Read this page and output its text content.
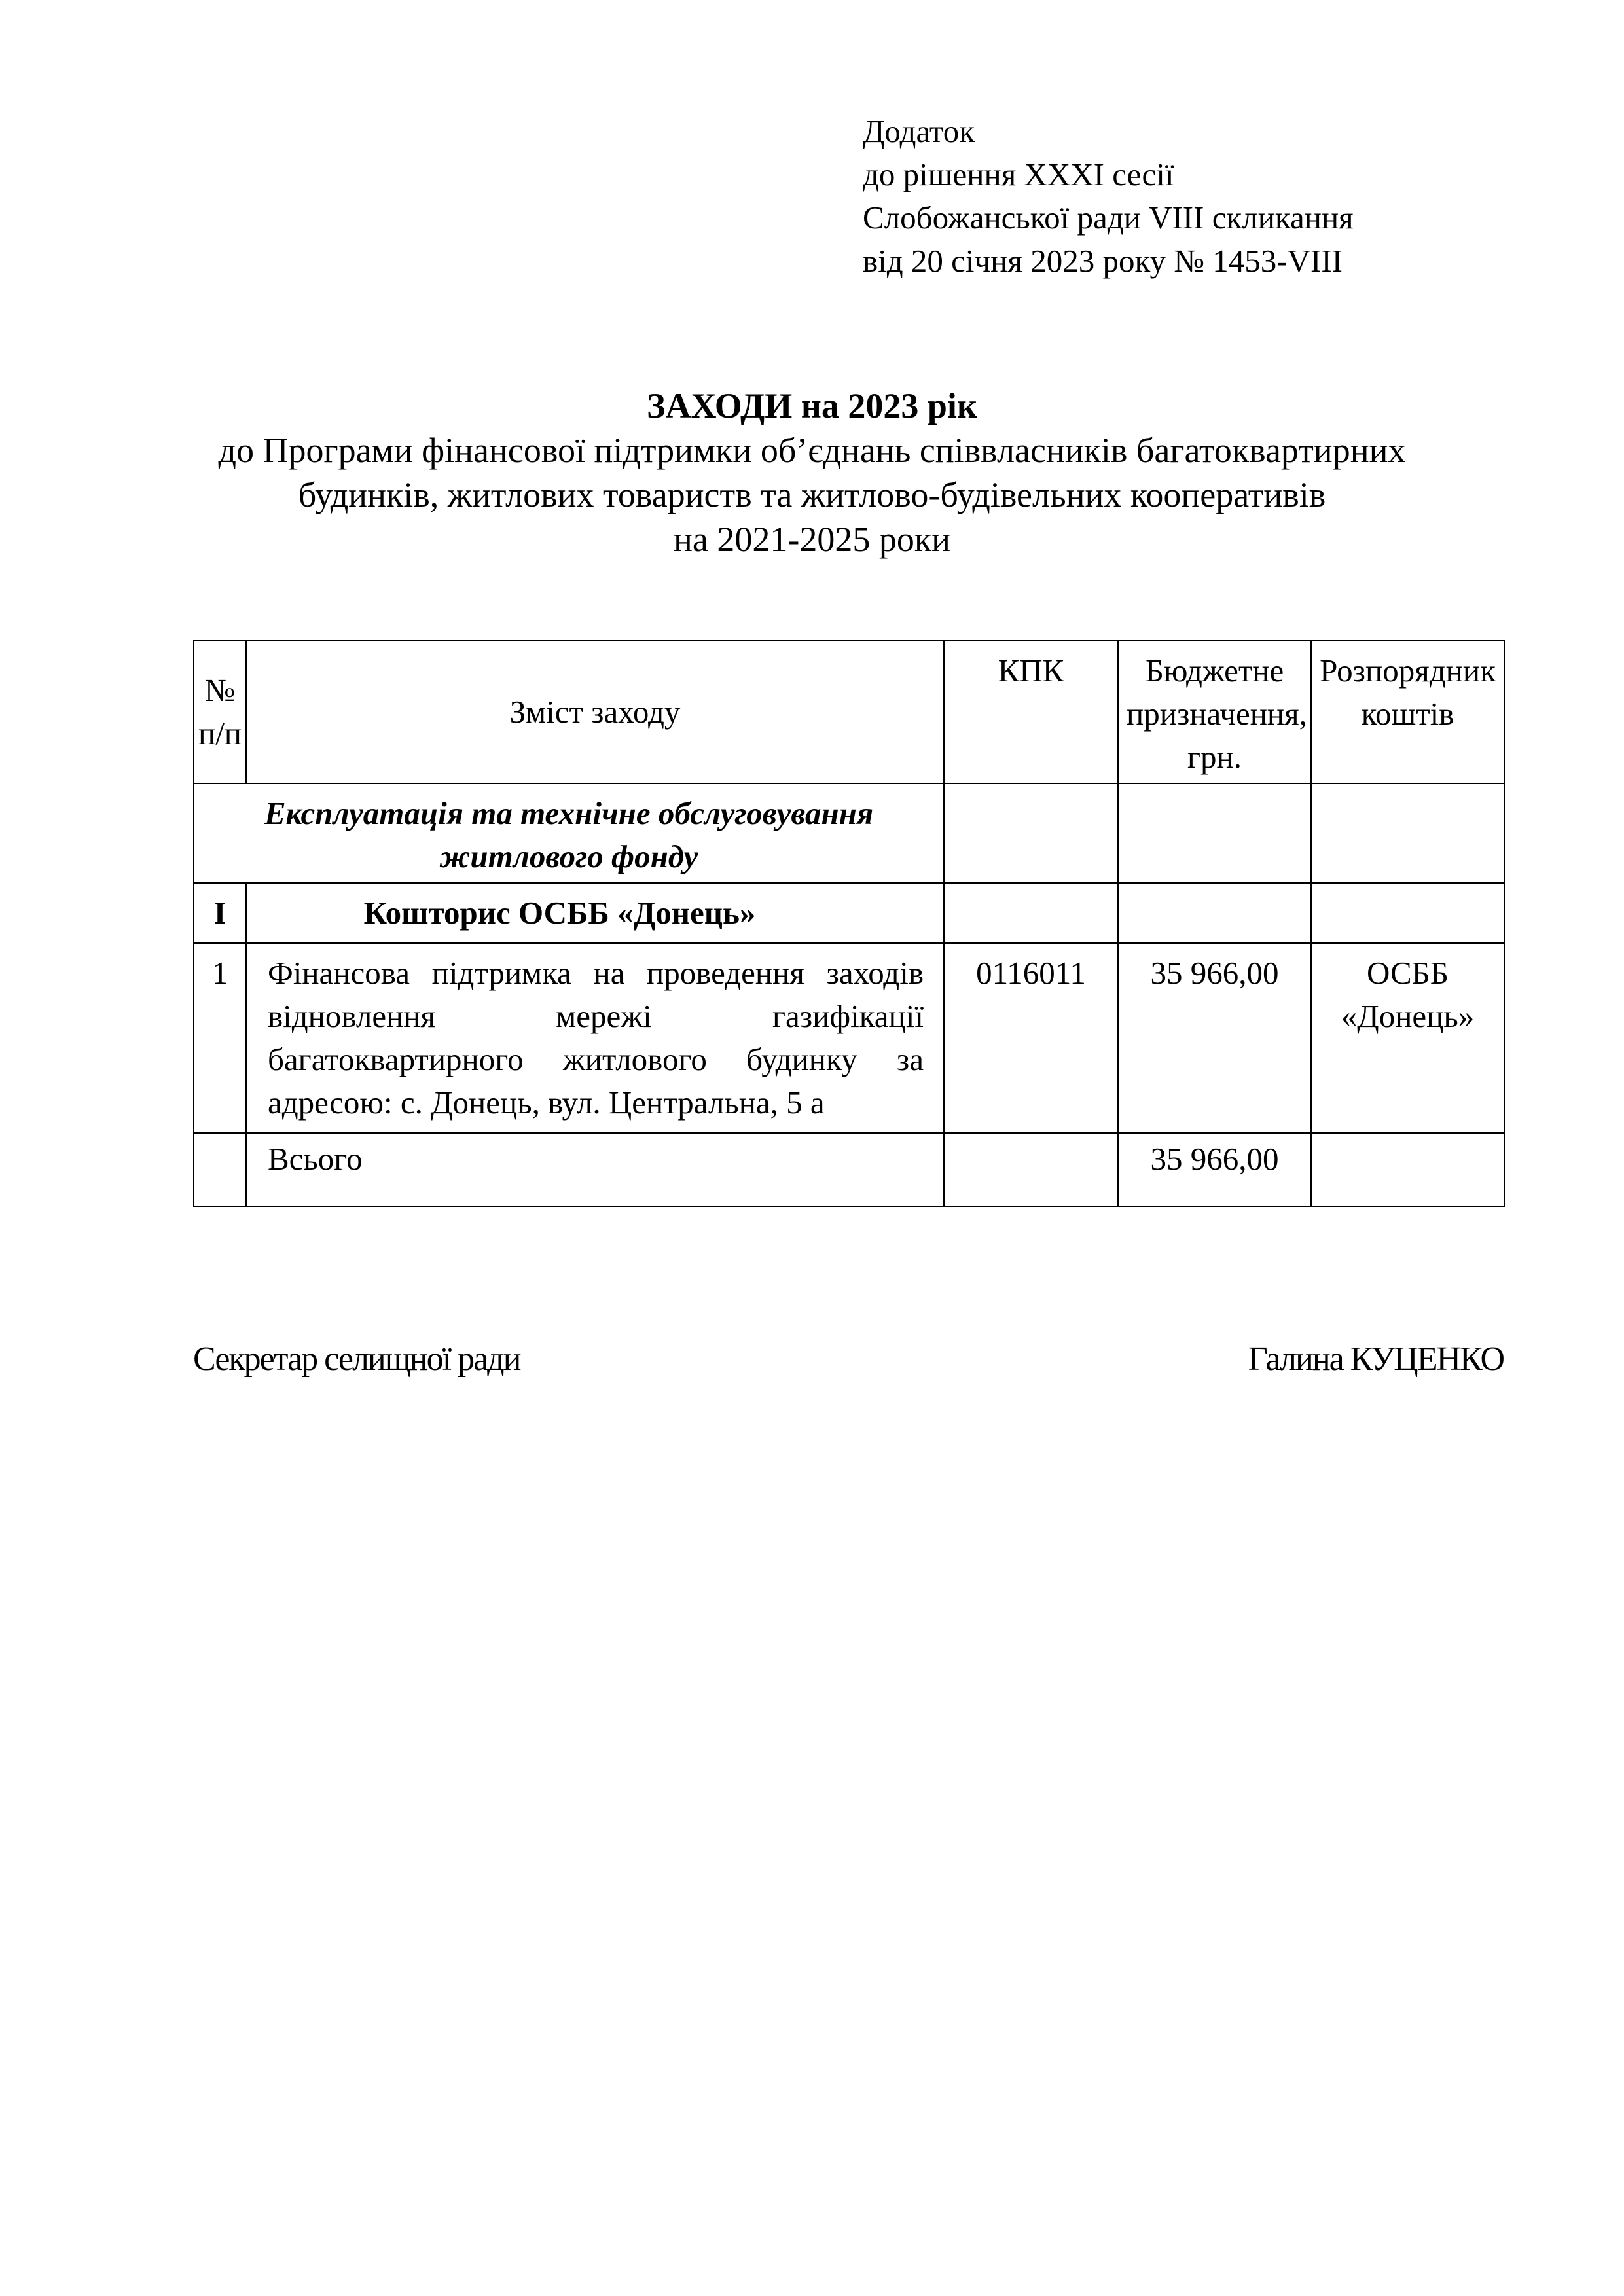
Додаток
до рішення XXXI сесії
Слобожанської ради VIII скликання
від 20 січня 2023 року № 1453-VIII
ЗАХОДИ на 2023 рік
до Програми фінансової підтримки об’єднань співвласників багатоквартирних
будинків, житлових товариств та житлово-будівельних кооперативів
на 2021-2025 роки
№ п/п	Зміст заходу	КПК	Бюджетне призначення, грн.	Розпорядник коштів
Експлуатація та технічне обслуговування житлового фонду				
І	Кошторис ОСББ «Донець»			
1	Фінансова підтримка на проведення заходів відновлення мережі газифікації багатоквартирного житлового будинку за адресою: с. Донець, вул. Центральна, 5 а	0116011	35 966,00	ОСББ «Донець»
	Всього		35 966,00	
Секретар селищної ради	Галина КУЦЕНКО
